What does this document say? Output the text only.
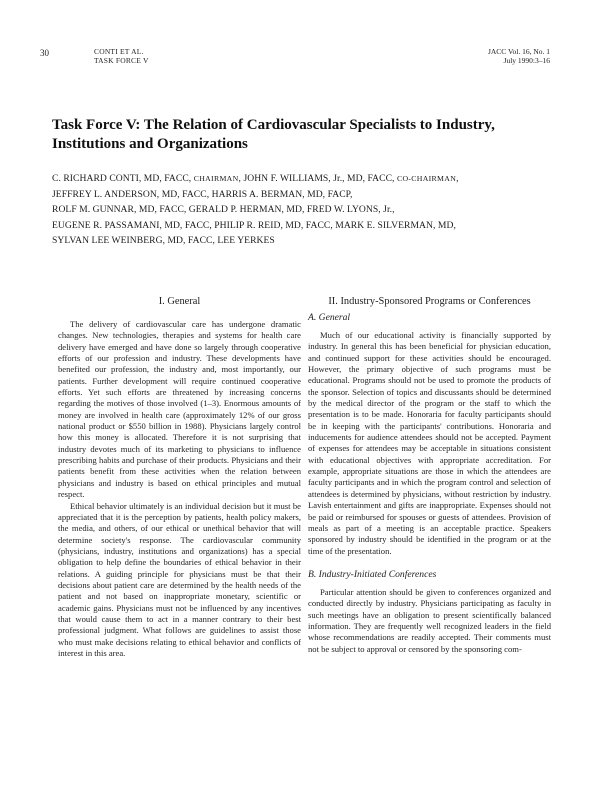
30	CONTI ET AL.
TASK FORCE V
JACC Vol. 16, No. 1
July 1990:3–16
Task Force V: The Relation of Cardiovascular Specialists to Industry, Institutions and Organizations
C. RICHARD CONTI, MD, FACC, CHAIRMAN, JOHN F. WILLIAMS, Jr., MD, FACC, CO-CHAIRMAN,
JEFFREY L. ANDERSON, MD, FACC, HARRIS A. BERMAN, MD, FACP,
ROLF M. GUNNAR, MD, FACC, GERALD P. HERMAN, MD, FRED W. LYONS, Jr.,
EUGENE R. PASSAMANI, MD, FACC, PHILIP R. REID, MD, FACC, MARK E. SILVERMAN, MD,
SYLVAN LEE WEINBERG, MD, FACC, LEE YERKES
I. General

The delivery of cardiovascular care has undergone dramatic changes. New technologies, therapies and systems for health care delivery have emerged and have done so largely through cooperative efforts of our profession and industry. These developments have benefited our profession, the industry and, most importantly, our patients. Further development will require continued cooperative efforts. Yet such efforts are threatened by increasing concerns regarding the motives of those involved (1–3). Enormous amounts of money are involved in health care (approximately 12% of our gross national product or $550 billion in 1988). Physicians largely control how this money is allocated. Therefore it is not surprising that industry devotes much of its marketing to physicians to influence prescribing habits and purchase of their products. Physicians and their patients benefit from these activities when the relation between physicians and industry is based on ethical principles and mutual respect.

Ethical behavior ultimately is an individual decision but it must be appreciated that it is the perception by patients, health policy makers, the media, and others, of our ethical or unethical behavior that will determine society's response. The cardiovascular community (physicians, industry, institutions and organizations) has a special obligation to help define the boundaries of ethical behavior in their relations. A guiding principle for physicians must be that their decisions about patient care are determined by the health needs of the patient and not based on inappropriate monetary, scientific or academic gains. Physicians must not be influenced by any incentives that would cause them to act in a manner contrary to their best professional judgment. What follows are guidelines to assist those who must make decisions relating to ethical behavior and conflicts of interest in this area.

II. Industry-Sponsored Programs or Conferences
A. General

Much of our educational activity is financially supported by industry. In general this has been beneficial for physician education, and continued support for these activities should be encouraged. However, the primary objective of such programs must be educational. Programs should not be used to promote the products of the sponsor. Selection of topics and discussants should be determined by the medical director of the program or the staff to which the presentation is to be made. Honoraria for faculty participants should be in keeping with the participants' contributions. Honoraria and inducements for audience attendees should not be accepted. Payment of expenses for attendees may be acceptable in situations consistent with educational objectives with appropriate accreditation. For example, appropriate situations are those in which the attendees are faculty participants and in which the program control and selection of attendees is determined by physicians, without restriction by industry. Lavish entertainment and gifts are inappropriate. Expenses should not be paid or reimbursed for spouses or guests of attendees. Provision of meals as part of a meeting is an acceptable practice. Speakers sponsored by industry should be identified in the program or at the time of the presentation.

B. Industry-Initiated Conferences

Particular attention should be given to conferences organized and conducted directly by industry. Physicians participating as faculty in such meetings have an obligation to present scientifically balanced information. They are frequently well recognized leaders in the field whose recommendations are readily accepted. Their comments must not be subject to approval or censored by the sponsoring com-
